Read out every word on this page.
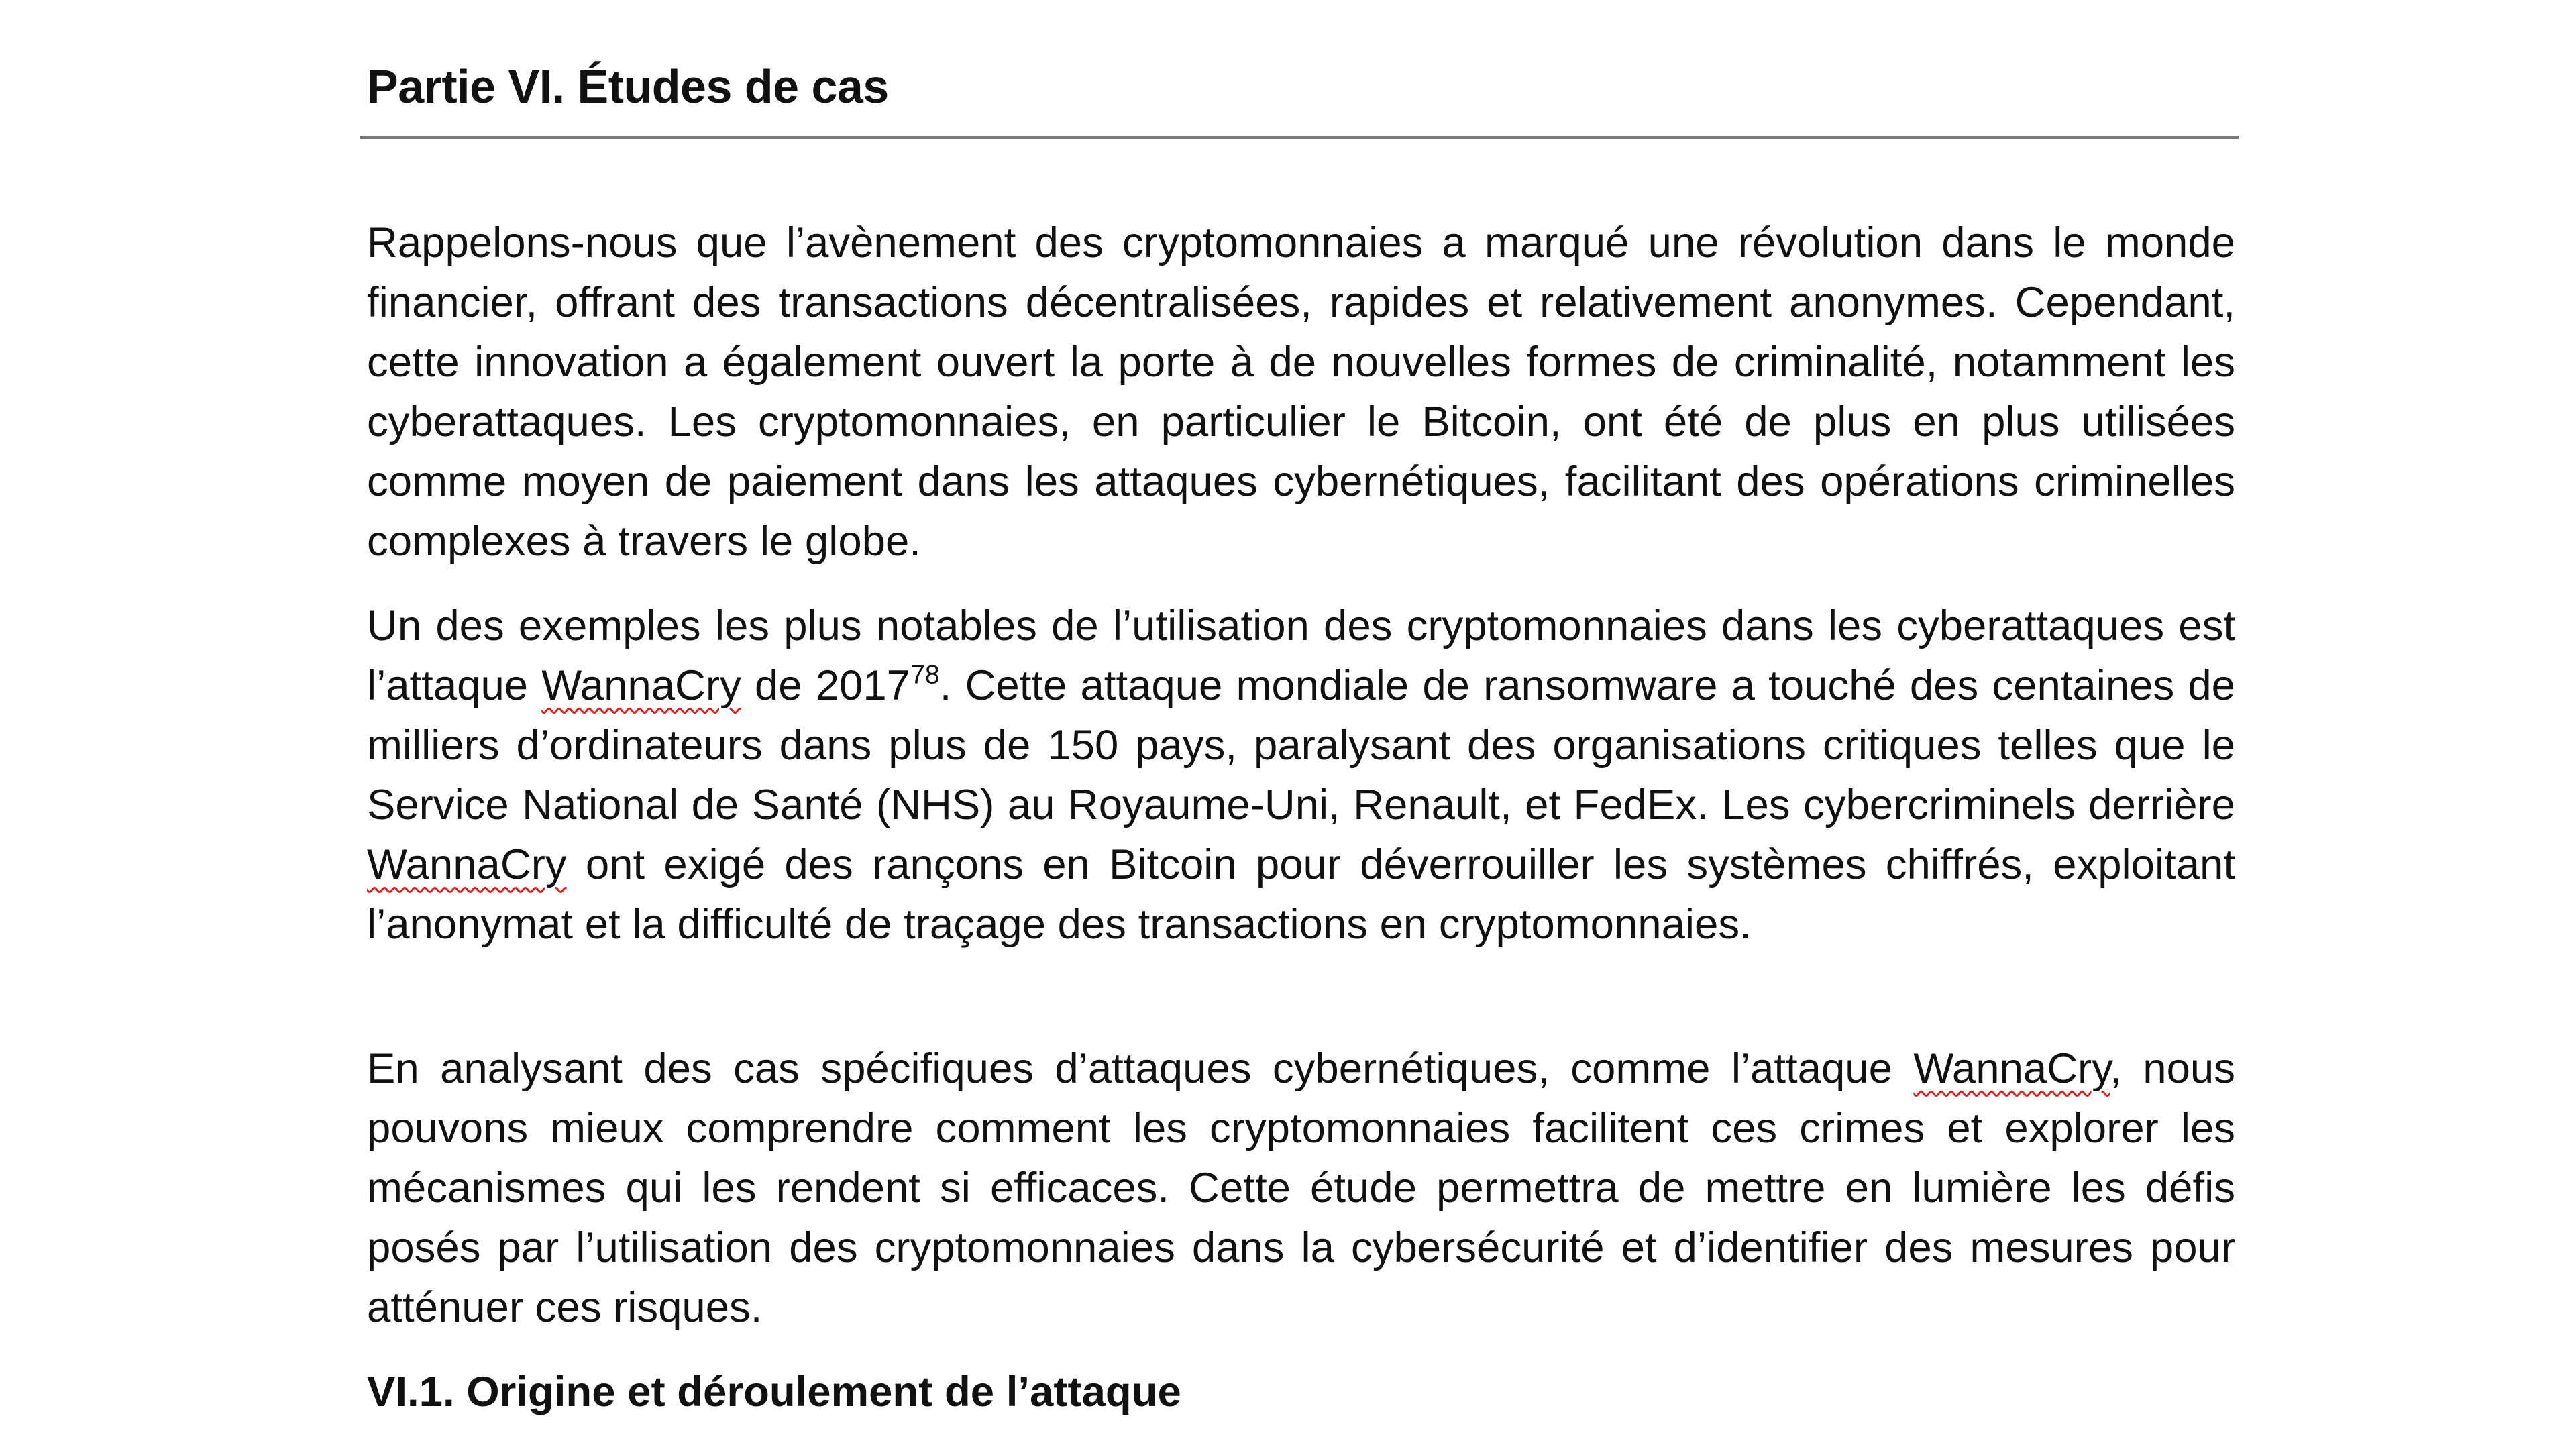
Partie VI. Études de cas

Rappelons-nous que l’avènement des cryptomonnaies a marqué une révolution dans le monde financier, offrant des transactions décentralisées, rapides et relativement anonymes. Cependant, cette innovation a également ouvert la porte à de nouvelles formes de criminalité, notamment les cyberattaques. Les cryptomonnaies, en particulier le Bitcoin, ont été de plus en plus utilisées comme moyen de paiement dans les attaques cybernétiques, facilitant des opérations criminelles complexes à travers le globe.

Un des exemples les plus notables de l’utilisation des cryptomonnaies dans les cyberattaques est l’attaque WannaCry de 2017$^{78}$. Cette attaque mondiale de ransomware a touché des centaines de milliers d’ordinateurs dans plus de 150 pays, paralysant des organisations critiques telles que le Service National de Santé (NHS) au Royaume-Uni, Renault, et FedEx. Les cybercriminels derrière WannaCry ont exigé des rançons en Bitcoin pour déverrouiller les systèmes chiffrés, exploitant l’anonymat et la difficulté de traçage des transactions en cryptomonnaies.

En analysant des cas spécifiques d’attaques cybernétiques, comme l’attaque WannaCry, nous pouvons mieux comprendre comment les cryptomonnaies facilitent ces crimes et explorer les mécanismes qui les rendent si efficaces. Cette étude permettra de mettre en lumière les défis posés par l’utilisation des cryptomonnaies dans la cybersécurité et d’identifier des mesures pour atténuer ces risques.

VI.1. Origine et déroulement de l’attaque
